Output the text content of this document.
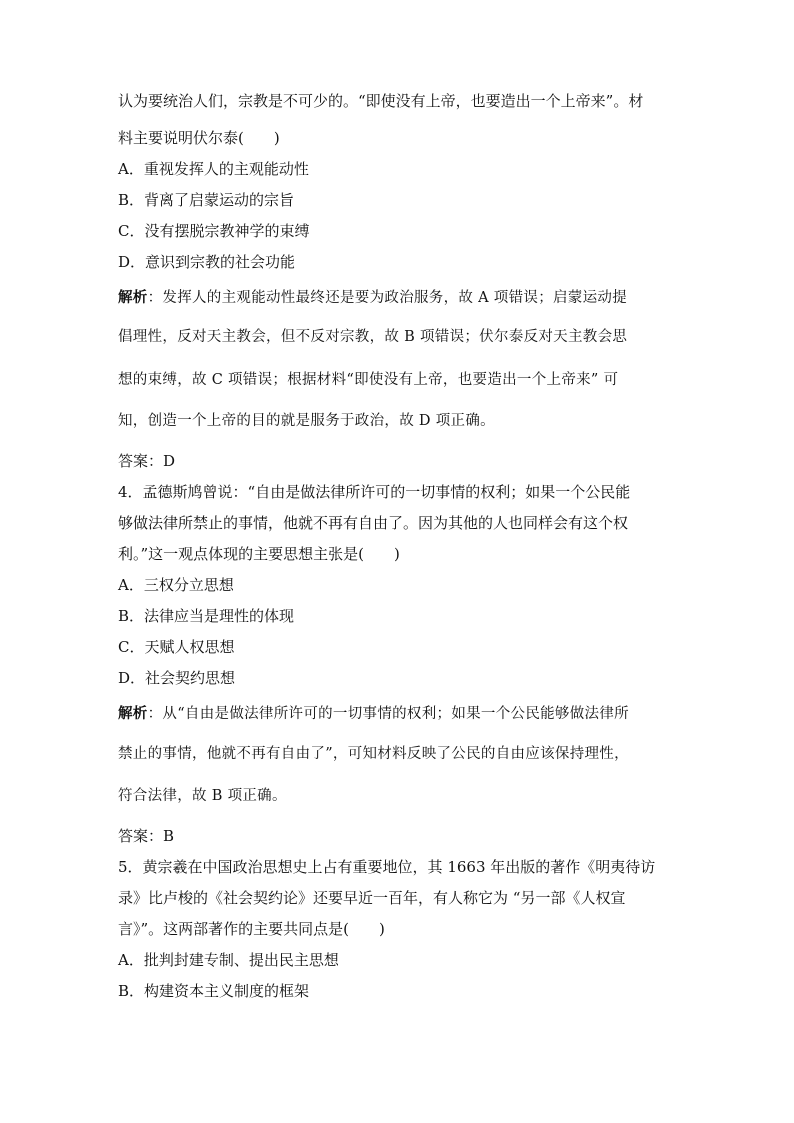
认为要统治人们，宗教是不可少的。“即使没有上帝，也要造出一个上帝来”。材
料主要说明伏尔泰(　　)
A．重视发挥人的主观能动性
B．背离了启蒙运动的宗旨
C．没有摆脱宗教神学的束缚
D．意识到宗教的社会功能
解析：发挥人的主观能动性最终还是要为政治服务，故 A 项错误；启蒙运动提
倡理性，反对天主教会，但不反对宗教，故 B 项错误；伏尔泰反对天主教会思
想的束缚，故 C 项错误；根据材料“即使没有上帝，也要造出一个上帝来” 可
知，创造一个上帝的目的就是服务于政治，故 D 项正确。
答案：D
4．孟德斯鸠曾说：“自由是做法律所许可的一切事情的权利；如果一个公民能
够做法律所禁止的事情，他就不再有自由了。因为其他的人也同样会有这个权
利。”这一观点体现的主要思想主张是(　　)
A．三权分立思想
B．法律应当是理性的体现
C．天赋人权思想
D．社会契约思想
解析：从“自由是做法律所许可的一切事情的权利；如果一个公民能够做法律所
禁止的事情，他就不再有自由了”，可知材料反映了公民的自由应该保持理性，
符合法律，故 B 项正确。
答案：B
5．黄宗羲在中国政治思想史上占有重要地位，其 1663 年出版的著作《明夷待访
录》比卢梭的《社会契约论》还要早近一百年，有人称它为 “另一部《人权宣
言》”。这两部著作的主要共同点是(　　)
A．批判封建专制、提出民主思想
B．构建资本主义制度的框架
